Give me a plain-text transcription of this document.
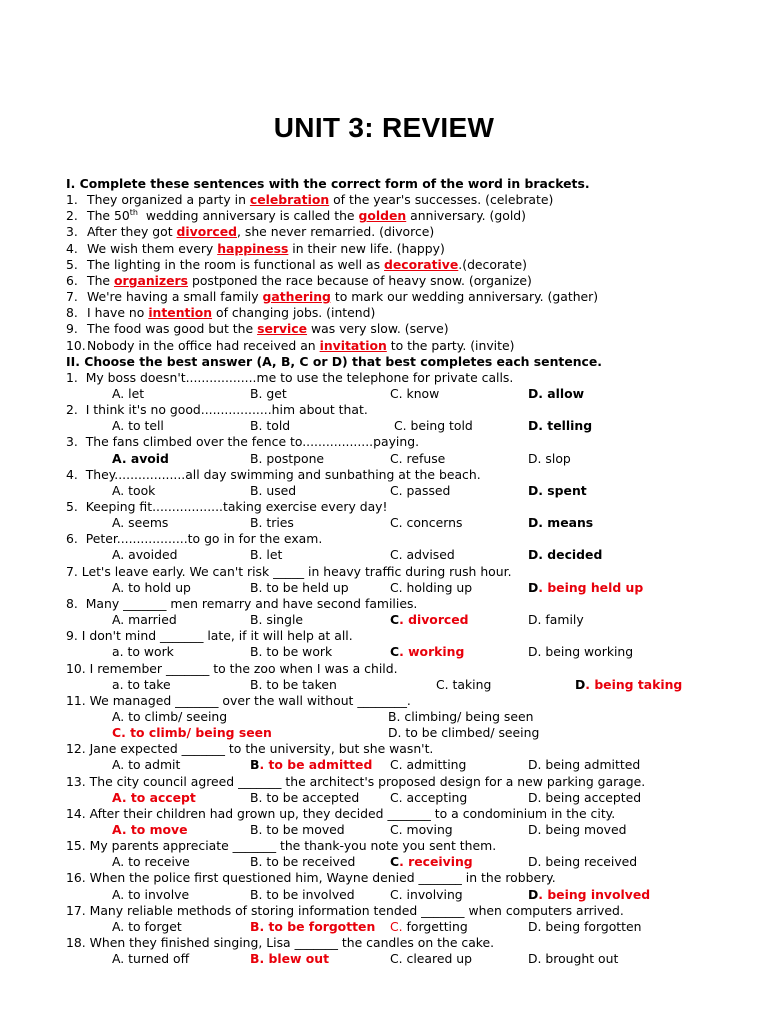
UNIT 3: REVIEW
I. Complete these sentences with the correct form of the word in brackets.
1. They organized a party in celebration of the year's successes. (celebrate)
2. The 50th  wedding anniversary is called the golden anniversary. (gold)
3. After they got divorced, she never remarried. (divorce)
4. We wish them every happiness in their new life. (happy)
5. The lighting in the room is functional as well as decorative.(decorate)
6. The organizers postponed the race because of heavy snow. (organize)
7. We're having a small family gathering to mark our wedding anniversary. (gather)
8. I have no intention of changing jobs. (intend)
9. The food was good but the service was very slow. (serve)
10.Nobody in the office had received an invitation to the party. (invite)
II. Choose the best answer (A, B, C or D) that best completes each sentence.
1.  My boss doesn't..................me to use the telephone for private calls.
A. let	B. get	C. know	D. allow
2.  I think it's no good..................him about that.
A. to tell	B. told	C. being told	D. telling
3.  The fans climbed over the fence to..................paying.
A. avoid	B. postpone	C. refuse	D. slop
4.  They..................all day swimming and sunbathing at the beach.
A. took	B. used	C. passed	D. spent
5.  Keeping fit..................taking exercise every day!
A. seems	B. tries	C. concerns	D. means
6.  Peter..................to go in for the exam.
A. avoided	B. let	C. advised	D. decided
7. Let's leave early. We can't risk _____ in heavy traffic during rush hour.
A. to hold up	B. to be held up	C. holding up	D. being held up
8.  Many _______ men remarry and have second families.
A. married	B. single	C. divorced	D. family
9. I don't mind _______ late, if it will help at all.
a. to work	B. to be work	C. working	D. being working
10. I remember _______ to the zoo when I was a child.
a. to take	B. to be taken	C. taking	D. being taking
11. We managed _______ over the wall without ________.
A. to climb/ seeing	B. climbing/ being seen
C. to climb/ being seen	D. to be climbed/ seeing
12. Jane expected _______ to the university, but she wasn't.
A. to admit	B. to be admitted C. admitting	D. being admitted
13. The city council agreed _______ the architect's proposed design for a new parking garage.
A. to accept	B. to be accepted C. accepting	D. being accepted
14. After their children had grown up, they decided _______ to a condominium in the city.
A. to move	B. to be moved	C. moving	D. being moved
15. My parents appreciate _______ the thank-you note you sent them.
A. to receive	B. to be received	C. receiving	D. being received
16. When the police first questioned him, Wayne denied _______ in the robbery.
A. to involve	B. to be involved	C. involving	D. being involved
17. Many reliable methods of storing information tended _______ when computers arrived.
A. to forget	B. to be forgotten C. forgetting	D. being forgotten
18. When they finished singing, Lisa _______ the candles on the cake.
A. turned off	B. blew out	C. cleared up	D. brought out
